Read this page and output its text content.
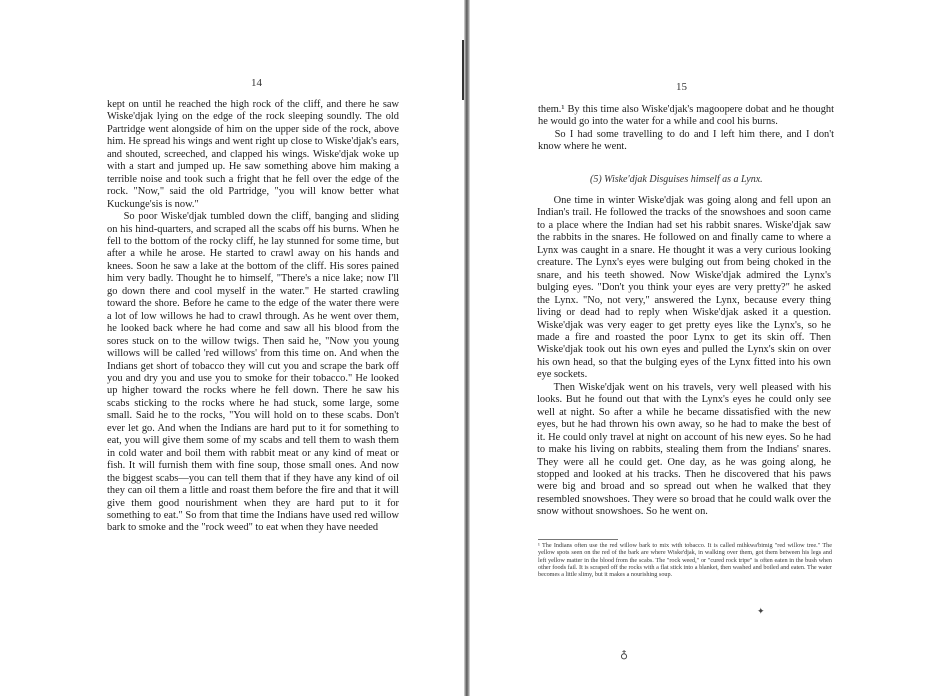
14

kept on until he reached the high rock of the cliff, and there he saw Wiske'djak lying on the edge of the rock sleeping soundly. The old Partridge went alongside of him on the upper side of the rock, above him. He spread his wings and went right up close to Wiske'djak's ears, and shouted, screeched, and clapped his wings. Wiske'djak woke up with a start and jumped up. He saw something above him making a terrible noise and took such a fright that he fell over the edge of the rock. "Now," said the old Partridge, "you will know better what Kuckunge'sis is now."

So poor Wiske'djak tumbled down the cliff, banging and sliding on his hind-quarters, and scraped all the scabs off his burns. When he fell to the bottom of the rocky cliff, he lay stunned for some time, but after a while he arose. He started to crawl away on his hands and knees. Soon he saw a lake at the bottom of the cliff. His sores pained him very badly. Thought he to himself, "There's a nice lake; now I'll go down there and cool myself in the water." He started crawling toward the shore. Before he came to the edge of the water there were a lot of low willows he had to crawl through. As he went over them, he looked back where he had come and saw all his blood from the sores stuck on to the willow twigs. Then said he, "Now you young willows will be called 'red willows' from this time on. And when the Indians get short of tobacco they will cut you and scrape the bark off you and dry you and use you to smoke for their tobacco." He looked up higher toward the rocks where he fell down. There he saw his scabs sticking to the rocks where he had stuck, some large, some small. Said he to the rocks, "You will hold on to these scabs. Don't ever let go. And when the Indians are hard put to it for something to eat, you will give them some of my scabs and tell them to wash them in cold water and boil them with rabbit meat or any kind of meat or fish. It will furnish them with fine soup, those small ones. And now the biggest scabs—you can tell them that if they have any kind of oil they can oil them a little and roast them before the fire and that it will give them good nourishment when they are hard put to it for something to eat." So from that time the Indians have used red willow bark to smoke and the "rock weed" to eat when they have needed

15

them.¹ By this time also Wiske'djak's magoopere dobat and he thought he would go into the water for a while and cool his burns.

So I had some travelling to do and I left him there, and I don't know where he went.

(5) Wiske'djak Disguises himself as a Lynx.

One time in winter Wiske'djak was going along and fell upon an Indian's trail. He followed the tracks of the snowshoes and soon came to a place where the Indian had set his rabbit snares. Wiske'djak saw the rabbits in the snares. He followed on and finally came to where a Lynx was caught in a snare. He thought it was a very curious looking creature. The Lynx's eyes were bulging out from being choked in the snare, and his teeth showed. Now Wiske'djak admired the Lynx's bulging eyes. "Don't you think your eyes are very pretty?" he asked the Lynx. "No, not very," answered the Lynx, because every thing living or dead had to reply when Wiske'djak asked it a question. Wiske'djak was very eager to get pretty eyes like the Lynx's, so he made a fire and roasted the poor Lynx to get its skin off. Then Wiske'djak took out his own eyes and pulled the Lynx's skin on over his own head, so that the bulging eyes of the Lynx fitted into his own eye sockets.

Then Wiske'djak went on his travels, very well pleased with his looks. But he found out that with the Lynx's eyes he could only see well at night. So after a while he became dissatisfied with the new eyes, but he had thrown his own away, so he had to make the best of it. He could only travel at night on account of his new eyes. So he had to make his living on rabbits, stealing them from the Indians' snares. They were all he could get. One day, as he was going along, he stopped and looked at his tracks. Then he discovered that his paws were big and broad and so spread out when he walked that they resembled snowshoes. They were so broad that he could walk over the snow without snowshoes. So he went on.

¹ The Indians often use the red willow bark to mix with tobacco. It is called mihkwa'bimig "red willow tree." The yellow spots seen on the red of the bark are where Wiske'djak, in walking over them, got them between his legs and left yellow matter in the blood from the scabs. The "rock weed," or "cured rock tripe" is often eaten in the bush when other foods fail. It is scraped off the rocks with a flat stick into a blanket, then washed and boiled and eaten. The water becomes a little slimy, but it makes a nourishing soup.
✦
♁
